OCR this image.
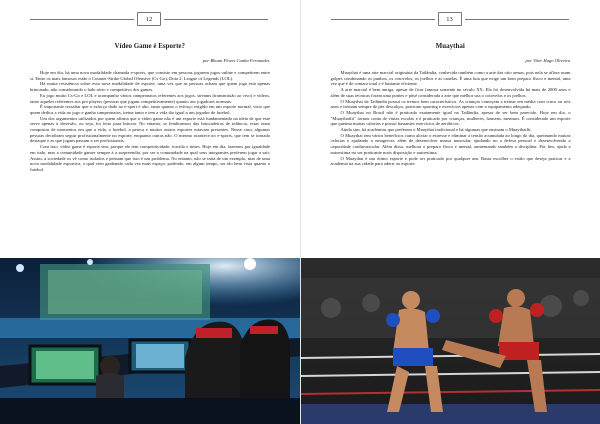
12
Vídeo Game é Esporte?
por Bhuan Flores Cunha Fernandes

Hoje em dia, há uma nova modalidade chamada e-sports, que consiste em pessoas jogarem jogos online e competirem entre si. Entre os mais famosos estão o Counter-Strike Global Ofensive (Cs-Go), Dota 2, League of Legends (LOL).

Há muita resistência sobre essa nova modalidade de esporte, uma vez que as pessoas acham que quem joga está apenas brincando, não considerando o lado sério e competitivo dos games.

Eu jogo muito Cs-Go e LOL e acompanho vários campeonatos referentes aos jogos, streams (transmissão ao vivo) e vídeos, tanto aqueles referentes aos pro players (pessoas que jogam competitivamente) quanto aos jogadores normais.

É importante ressaltar que o esforço dado ao e-sport é alto, tanto quanto o esforço exigido em um esporte normal, visto que quem dedica a vida ao jogo e ganha campeonatos, treina tanto e tem a vida tão igual a um jogador de futebol.

Um dos argumentos utilizados por quem afirma que o vídeo game não é um esporte está fundamentado na ideia de que este serve apenas à diversão, ou seja, foi feito para brincar. No entanto, se lembrarmos das brincadeiras de infância, estas eram compostas de momentos em que a vida, o futebol, a peteca e muitos outros esportes estavam presentes. Nesse caso, algumas pessoas decidiram seguir profissionalmente no esporte, enquanto outras não. O mesmo acontece no e-sports, que tem se tornado destaque e as que jogam passam a ser profissionais.

Com isso, vídeo game é esporte sim, porque ele tem competitividade, torcida e times. Hoje em dia, fazemos por igualdade em tudo, mas a comunidade gamer sempre à a surpreendia, por ser a comunidade na qual seus integrantes preferem jogar a sair. Assim, a sociedade os vê como isolados e pensam que isso é um problema. No entanto, não se trata de um exemplo, mas de uma nova modalidade esportiva, a qual vem ganhando cada vez mais espaço, podendo, em algum tempo, ser tão bem vista quanto o futebol.

13
Muaythai
por Vitor Hugo Oliveira

Muaythai é uma arte marcial originária da Tailândia, conhecida também como a arte das oito armas, pois nela se aflora usam golpes combinando os punhos, os cotovelos, os joelhos e as canelas. É uma luta que exige um bom preparo físico e mental, uma vez que é de contato total e é bastante eficiente.

A arte marcial é bem antiga, apesar de ficar famosa somente no século XX. Ela foi desenvolvida há mais de 2000 anos e além de suas técnicas foram uma pontes e pôsé considerada a arte que melhor usa o cotovelos e os joelhos.

O Muaythai da Tailândia possui os treinos bem característicos. As crianças começam a treinar em média com cinco ou seis anos e treinam sempre de pés descalços, praticam sparring e exercícios apenas com o equipamento adequado.

O Muaythai no Brasil não é praticado exatamente igual na Tailândia, apesar de ser bem parecido. Hoje em dia, o "Muaythaifit" tornou conta de várias escolas e é praticado por crianças, mulheres, homens, meninos. É considerado um esporte que queima muitas calorias e possui bastantes exercícios de aeróbicos.

Ainda sim, há academias que preferem o Muaythai tradicional e há algumas que ensinam o Muaythaifit.

O Muaythai tem vários benefícios como aliviar o estresse e eliminar a tensão acumulada ao longo do dia, queimando muitas calorias e ajudando a emagrecer, além de desenvolver massa muscular, ajudando no a defesa pessoal e desenvolvendo a capacidade cardiovascular. Além disso, melhora o preparo físico e mental, aumentando também a disciplina. Por fim, ajuda a autoestima no ser praticante mais disposição e autoestima.

O Muaythai é um ótimo esporte e pode ser praticado por qualquer um. Basta escolher o estilo que deseja praticar e a academia na sua cidade para aderir ao esporte.
